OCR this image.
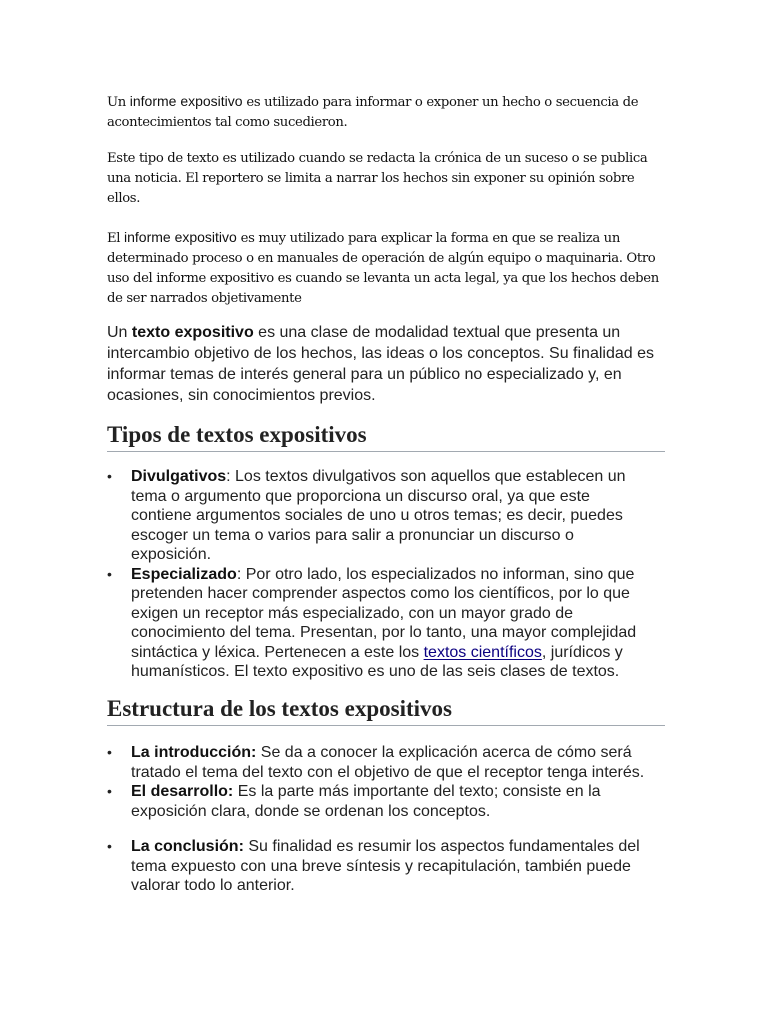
Un informe expositivo es utilizado para informar o exponer un hecho o secuencia de acontecimientos tal como sucedieron.

Este tipo de texto es utilizado cuando se redacta la crónica de un suceso o se publica una noticia. El reportero se limita a narrar los hechos sin exponer su opinión sobre ellos.

El informe expositivo es muy utilizado para explicar la forma en que se realiza un determinado proceso o en manuales de operación de algún equipo o maquinaria. Otro uso del informe expositivo es cuando se levanta un acta legal, ya que los hechos deben de ser narrados objetivamente

Un texto expositivo es una clase de modalidad textual que presenta un intercambio objetivo de los hechos, las ideas o los conceptos. Su finalidad es informar temas de interés general para un público no especializado y, en ocasiones, sin conocimientos previos.

Tipos de textos expositivos
•	Divulgativos: Los textos divulgativos son aquellos que establecen un tema o argumento que proporciona un discurso oral, ya que este contiene argumentos sociales de uno u otros temas; es decir, puedes escoger un tema o varios para salir a pronunciar un discurso o exposición.
•	Especializado: Por otro lado, los especializados no informan, sino que pretenden hacer comprender aspectos como los científicos, por lo que exigen un receptor más especializado, con un mayor grado de conocimiento del tema. Presentan, por lo tanto, una mayor complejidad sintáctica y léxica. Pertenecen a este los textos científicos, jurídicos y humanísticos. El texto expositivo es uno de las seis clases de textos.
Estructura de los textos expositivos
•	La introducción: Se da a conocer la explicación acerca de cómo será tratado el tema del texto con el objetivo de que el receptor tenga interés.
•	El desarrollo: Es la parte más importante del texto; consiste en la exposición clara, donde se ordenan los conceptos.
•	La conclusión: Su finalidad es resumir los aspectos fundamentales del tema expuesto con una breve síntesis y recapitulación, también puede valorar todo lo anterior.
